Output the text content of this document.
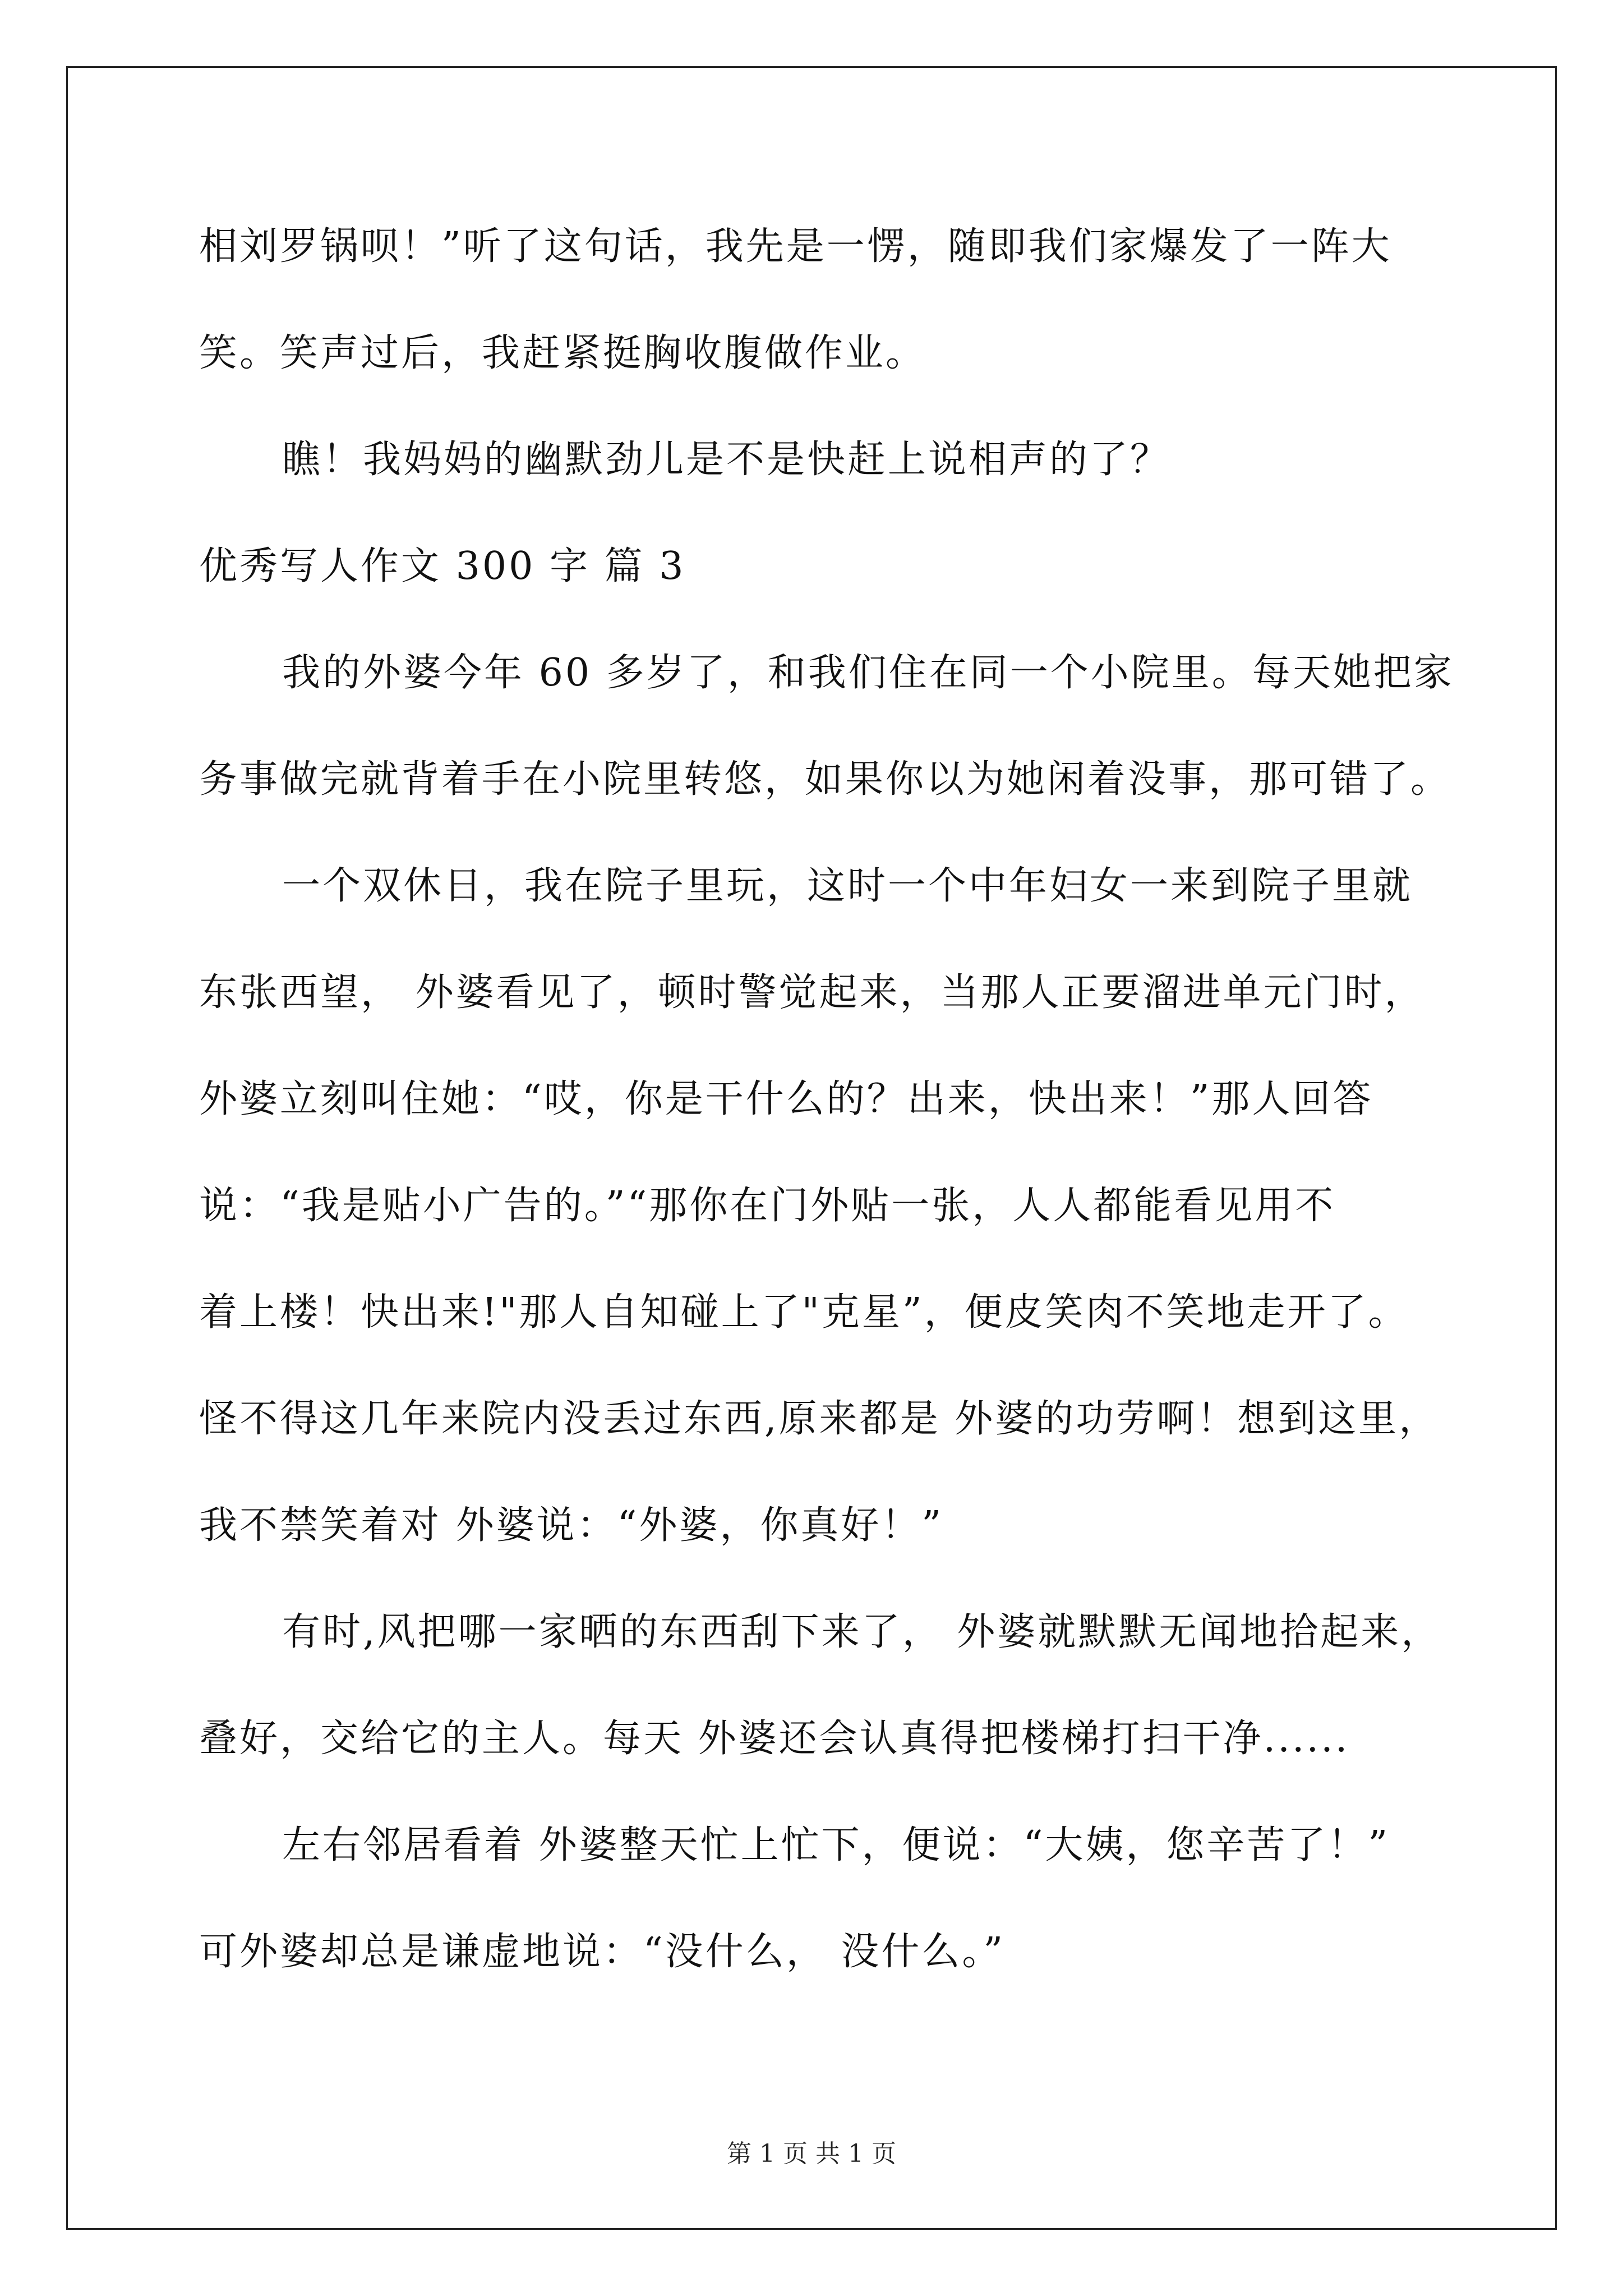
相刘罗锅呗！”听了这句话，我先是一愣，随即我们家爆发了一阵大
笑。笑声过后，我赶紧挺胸收腹做作业。
瞧！我妈妈的幽默劲儿是不是快赶上说相声的了？
优秀写人作文 300 字 篇 3
我的外婆今年 60 多岁了，和我们住在同一个小院里。每天她把家
务事做完就背着手在小院里转悠，如果你以为她闲着没事，那可错了。
一个双休日，我在院子里玩，这时一个中年妇女一来到院子里就
东张西望， 外婆看见了，顿时警觉起来，当那人正要溜进单元门时，
外婆立刻叫住她：“哎，你是干什么的？出来，快出来！”那人回答
说：“我是贴小广告的。”“那你在门外贴一张，人人都能看见用不
着上楼！快出来!"那人自知碰上了"克星”，便皮笑肉不笑地走开了。
怪不得这几年来院内没丢过东西,原来都是 外婆的功劳啊！想到这里，
我不禁笑着对 外婆说：“外婆，你真好！”
有时,风把哪一家晒的东西刮下来了， 外婆就默默无闻地拾起来，
叠好，交给它的主人。每天 外婆还会认真得把楼梯打扫干净......
左右邻居看着 外婆整天忙上忙下，便说：“大姨，您辛苦了！”
可外婆却总是谦虚地说：“没什么， 没什么。”
第 1 页 共 1 页
